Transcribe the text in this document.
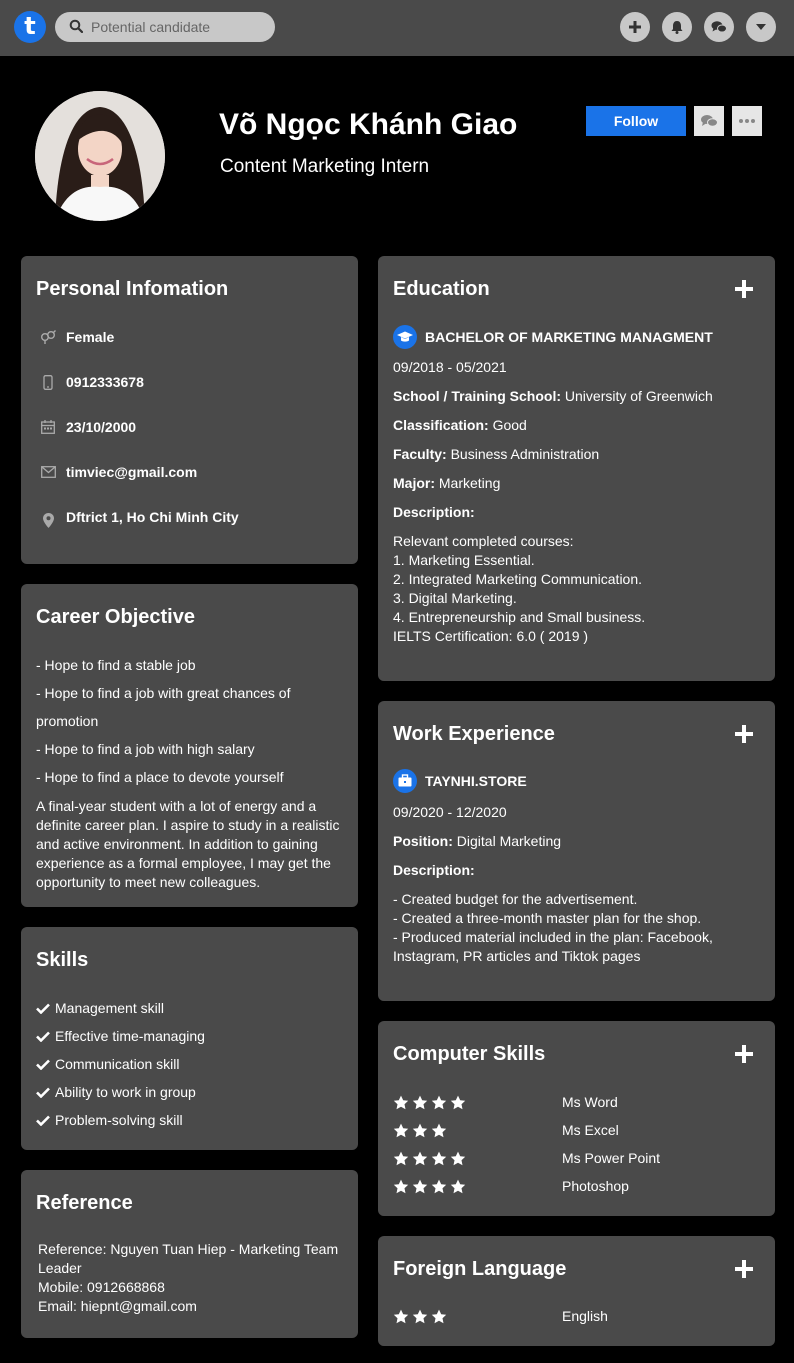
t
Potential candidate
Võ Ngọc Khánh Giao
Content Marketing Intern
Follow
Personal Infomation
Female
0912333678
23/10/2000
timviec@gmail.com
Dftrict 1, Ho Chi Minh City
Career Objective
- Hope to find a stable job
- Hope to find a job with great chances of
promotion
- Hope to find a job with high salary
- Hope to find a place to devote yourself
A final-year student with a lot of energy and a definite career plan. I aspire to study in a realistic and active environment. In addition to gaining experience as a formal employee, I may get the opportunity to meet new colleagues.
Skills
Management skill
Effective time-managing
Communication skill
Ability to work in group
Problem-solving skill
Reference
Reference: Nguyen Tuan Hiep - Marketing Team
Leader
Mobile: 0912668868
Email: hiepnt@gmail.com
Education
BACHELOR OF MARKETING MANAGMENT
09/2018 - 05/2021
School / Training School: University of Greenwich
Classification: Good
Faculty: Business Administration
Major: Marketing
Description:
Relevant completed courses:
1. Marketing Essential.
2. Integrated Marketing Communication.
3. Digital Marketing.
4. Entrepreneurship and Small business.
IELTS Certification: 6.0 ( 2019 )
Work Experience
TAYNHI.STORE
09/2020 - 12/2020
Position: Digital Marketing
Description:
- Created budget for the advertisement.
- Created a three-month master plan for the shop.
- Produced material included in the plan: Facebook,
Instagram, PR articles and Tiktok pages
Computer Skills
Ms Word
Ms Excel
Ms Power Point
Photoshop
Foreign Language
English
